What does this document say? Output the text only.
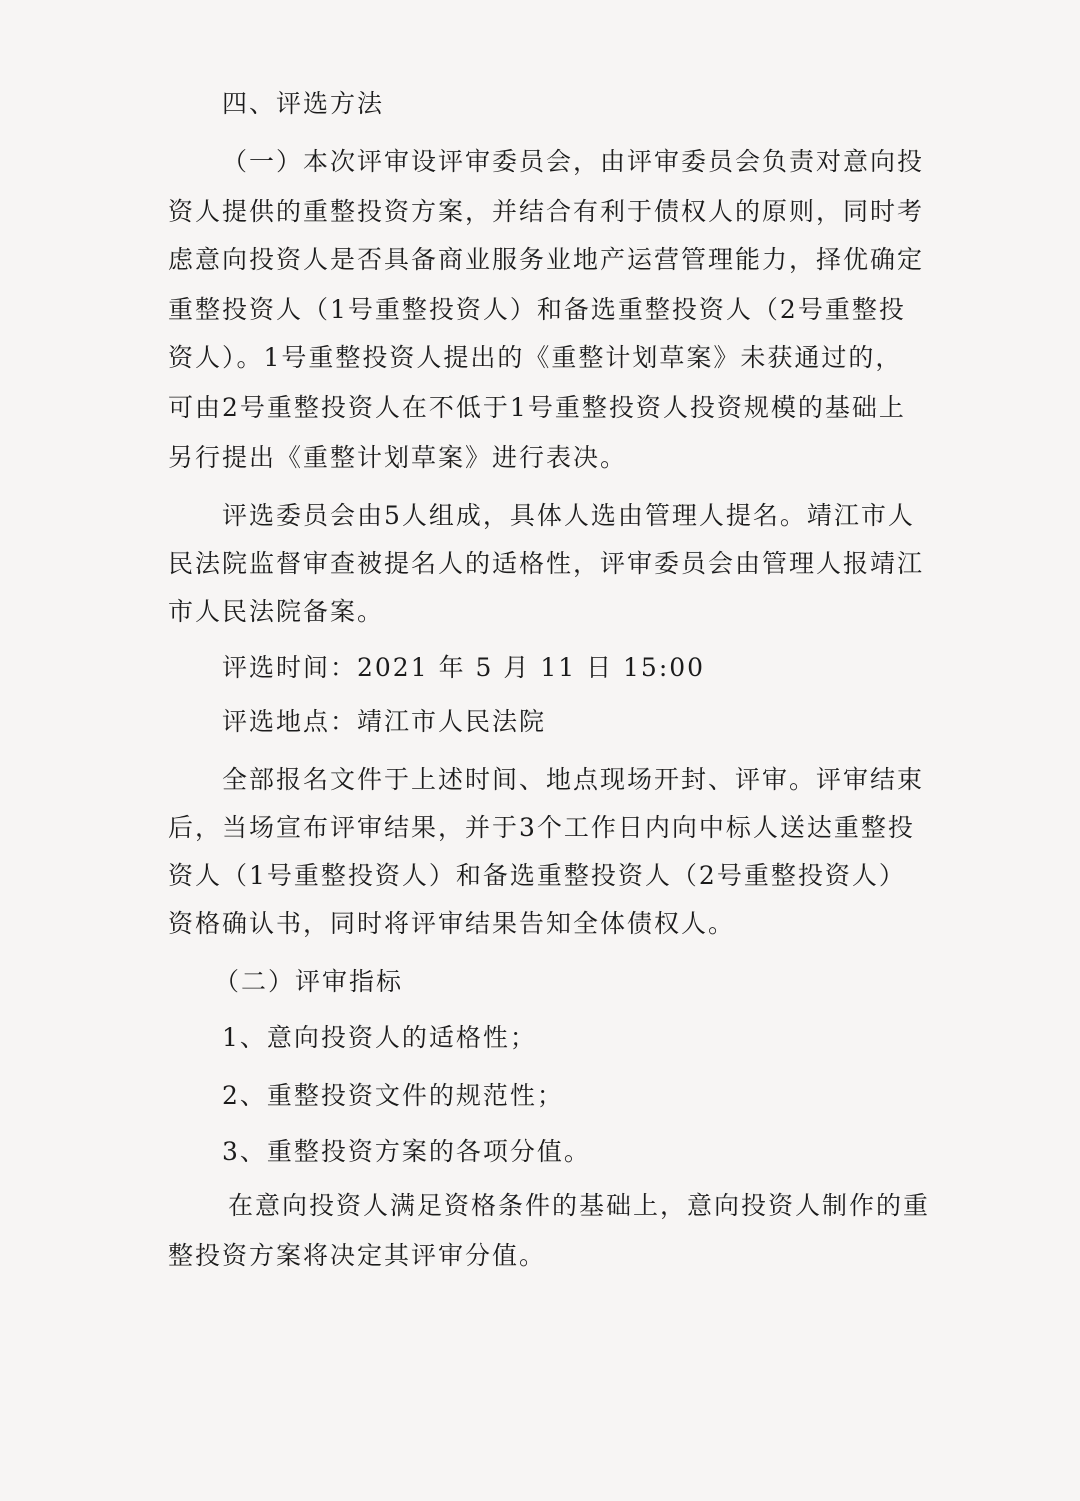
四、评选方法
（一）本次评审设评审委员会，由评审委员会负责对意向投
资人提供的重整投资方案，并结合有利于债权人的原则，同时考
虑意向投资人是否具备商业服务业地产运营管理能力，择优确定
重整投资人（1号重整投资人）和备选重整投资人（2号重整投
资人）。1号重整投资人提出的《重整计划草案》未获通过的，
可由2号重整投资人在不低于1号重整投资人投资规模的基础上
另行提出《重整计划草案》进行表决。
评选委员会由5人组成，具体人选由管理人提名。靖江市人
民法院监督审查被提名人的适格性，评审委员会由管理人报靖江
市人民法院备案。
评选时间：2021 年 5 月 11 日 15:00
评选地点：靖江市人民法院
全部报名文件于上述时间、地点现场开封、评审。评审结束
后，当场宣布评审结果，并于3个工作日内向中标人送达重整投
资人（1号重整投资人）和备选重整投资人（2号重整投资人）
资格确认书，同时将评审结果告知全体债权人。
（二）评审指标
1、意向投资人的适格性；
2、重整投资文件的规范性；
3、重整投资方案的各项分值。
在意向投资人满足资格条件的基础上，意向投资人制作的重
整投资方案将决定其评审分值。
